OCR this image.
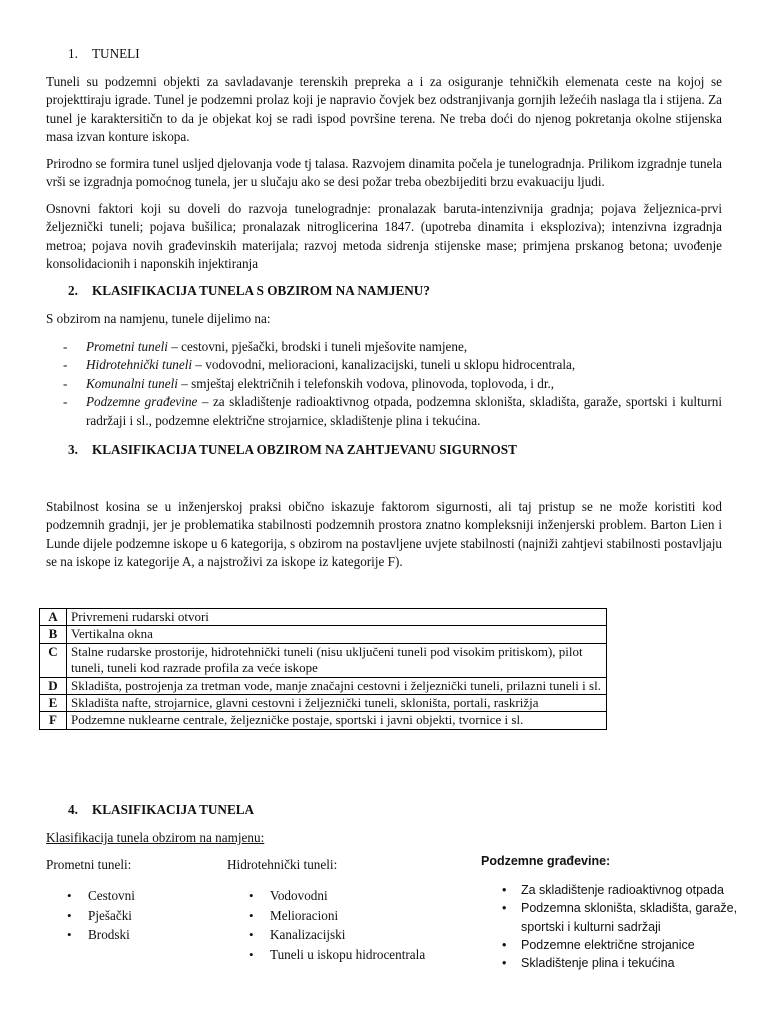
1. TUNELI

Tuneli su podzemni objekti za savladavanje terenskih prepreka a i za osiguranje tehničkih elemenata ceste na kojoj se projekttiraju igrade. Tunel je podzemni prolaz koji je napravio čovjek bez odstranjivanja gornjih ležećih naslaga tla i stijena. Za tunel je karaktersitičn to da je objekat koj se radi ispod površine terena. Ne treba doći do njenog pokretanja okolne stijenska masa izvan konture iskopa.

Prirodno se formira tunel usljed djelovanja vode tj talasa. Razvojem dinamita počela je tunelogradnja. Prilikom izgradnje tunela vrši se izgradnja pomoćnog tunela, jer u slučaju ako se desi požar treba obezbijediti brzu evakuaciju ljudi.

Osnovni faktori koji su doveli do razvoja tunelogradnje: pronalazak baruta-intenzivnija gradnja; pojava željeznica-prvi željeznički tuneli; pojava bušilica; pronalazak nitroglicerina 1847. (upotreba dinamita i eksploziva); intenzivna izgradnja metroa; pojava novih građevinskih materijala; razvoj metoda sidrenja stijenske mase; primjena prskanog betona; uvođenje konsolidacionih i naponskih injektiranja

2. KLASIFIKACIJA TUNELA S OBZIROM NA NAMJENU?

S obzirom na namjenu, tunele dijelimo na:

- Prometni tuneli – cestovni, pješački, brodski i tuneli mješovite namjene,
- Hidrotehnički tuneli – vodovodni, melioracioni, kanalizacijski, tuneli u sklopu hidrocentrala,
- Komunalni tuneli – smještaj električnih i telefonskih vodova, plinovoda, toplovoda, i dr.,
- Podzemne građevine – za skladištenje radioaktivnog otpada, podzemna skloništa, skladišta, garaže, sportski i kulturni radržaji i sl., podzemne električne strojarnice, skladištenje plina i tekućina.
3. KLASIFIKACIJA TUNELA OBZIROM NA ZAHTJEVANU SIGURNOST

Stabilnost kosina se u inženjerskoj praksi obično iskazuje faktorom sigurnosti, ali taj pristup se ne može koristiti kod podzemnih gradnji, jer je problematika stabilnosti podzemnih prostora znatno kompleksniji inženjerski problem. Barton Lien i Lunde dijele podzemne iskope u 6 kategorija, s obzirom na postavljene uvjete stabilnosti (najniži zahtjevi stabilnosti postavljaju se na iskope iz kategorije A, a najstroživi za iskope iz kategorije F).

A	Privremeni rudarski otvori
B	Vertikalna okna
C	Stalne rudarske prostorije, hidrotehnički tuneli (nisu uključeni tuneli pod visokim pritiskom), pilot tuneli, tuneli kod razrade profila za veće iskope
D	Skladišta, postrojenja za tretman vode, manje značajni cestovni i željeznički tuneli, prilazni tuneli i sl.
E	Skladišta nafte, strojarnice, glavni cestovni i željeznički tuneli, skloništa, portali, raskrižja
F	Podzemne nuklearne centrale, željezničke postaje, sportski i javni objekti, tvornice i sl.
4. KLASIFIKACIJA TUNELA
Klasifikacija tunela obzirom na namjenu:
Prometni tuneli:
• Cestovni
• Pješački
• Brodski
Hidrotehnički tuneli:
• Vodovodni
• Melioracioni
• Kanalizacijski
• Tuneli u iskopu hidrocentrala
Podzemne građevine:
• Za skladištenje radioaktivnog otpada
• Podzemna skloništa, skladišta, garaže, sportski i kulturni sadržaji
• Podzemne električne strojanice
• Skladištenje plina i tekućina
